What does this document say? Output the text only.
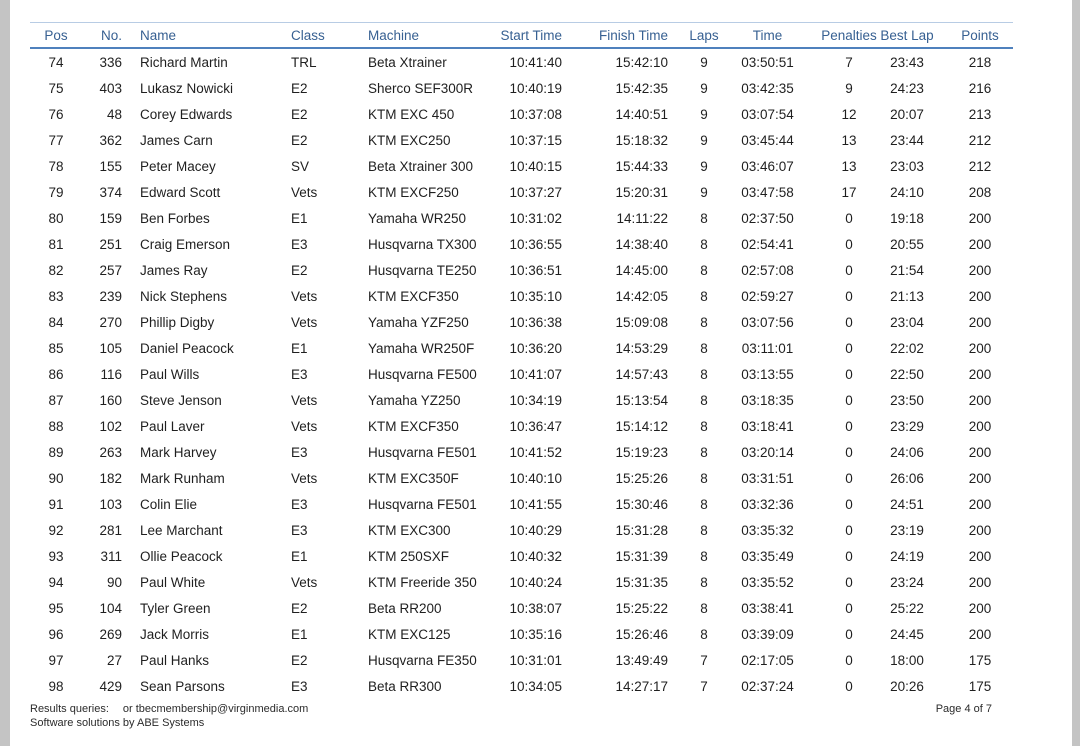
Pos	No.	Name	Class	Machine	Start Time	Finish Time	Laps	Time	Penalties Best Lap	Points
74	336	Richard Martin	TRL	Beta Xtrainer	10:41:40	15:42:10	9	03:50:51	7	23:43	218
75	403	Lukasz Nowicki	E2	Sherco SEF300R	10:40:19	15:42:35	9	03:42:35	9	24:23	216
76	48	Corey Edwards	E2	KTM EXC 450	10:37:08	14:40:51	9	03:07:54	12	20:07	213
77	362	James Carn	E2	KTM EXC250	10:37:15	15:18:32	9	03:45:44	13	23:44	212
78	155	Peter Macey	SV	Beta Xtrainer 300	10:40:15	15:44:33	9	03:46:07	13	23:03	212
79	374	Edward Scott	Vets	KTM EXCF250	10:37:27	15:20:31	9	03:47:58	17	24:10	208
80	159	Ben Forbes	E1	Yamaha WR250	10:31:02	14:11:22	8	02:37:50	0	19:18	200
81	251	Craig Emerson	E3	Husqvarna TX300	10:36:55	14:38:40	8	02:54:41	0	20:55	200
82	257	James Ray	E2	Husqvarna TE250	10:36:51	14:45:00	8	02:57:08	0	21:54	200
83	239	Nick Stephens	Vets	KTM EXCF350	10:35:10	14:42:05	8	02:59:27	0	21:13	200
84	270	Phillip Digby	Vets	Yamaha YZF250	10:36:38	15:09:08	8	03:07:56	0	23:04	200
85	105	Daniel Peacock	E1	Yamaha WR250F	10:36:20	14:53:29	8	03:11:01	0	22:02	200
86	116	Paul Wills	E3	Husqvarna FE500	10:41:07	14:57:43	8	03:13:55	0	22:50	200
87	160	Steve Jenson	Vets	Yamaha YZ250	10:34:19	15:13:54	8	03:18:35	0	23:50	200
88	102	Paul Laver	Vets	KTM EXCF350	10:36:47	15:14:12	8	03:18:41	0	23:29	200
89	263	Mark Harvey	E3	Husqvarna FE501	10:41:52	15:19:23	8	03:20:14	0	24:06	200
90	182	Mark Runham	Vets	KTM EXC350F	10:40:10	15:25:26	8	03:31:51	0	26:06	200
91	103	Colin Elie	E3	Husqvarna FE501	10:41:55	15:30:46	8	03:32:36	0	24:51	200
92	281	Lee Marchant	E3	KTM EXC300	10:40:29	15:31:28	8	03:35:32	0	23:19	200
93	311	Ollie Peacock	E1	KTM 250SXF	10:40:32	15:31:39	8	03:35:49	0	24:19	200
94	90	Paul White	Vets	KTM Freeride 350	10:40:24	15:31:35	8	03:35:52	0	23:24	200
95	104	Tyler Green	E2	Beta RR200	10:38:07	15:25:22	8	03:38:41	0	25:22	200
96	269	Jack Morris	E1	KTM EXC125	10:35:16	15:26:46	8	03:39:09	0	24:45	200
97	27	Paul Hanks	E2	Husqvarna FE350	10:31:01	13:49:49	7	02:17:05	0	18:00	175
98	429	Sean Parsons	E3	Beta RR300	10:34:05	14:27:17	7	02:37:24	0	20:26	175
Results queries: or tbecmembership@virginmedia.com	Page 4 of 7
Software solutions by ABE Systems
